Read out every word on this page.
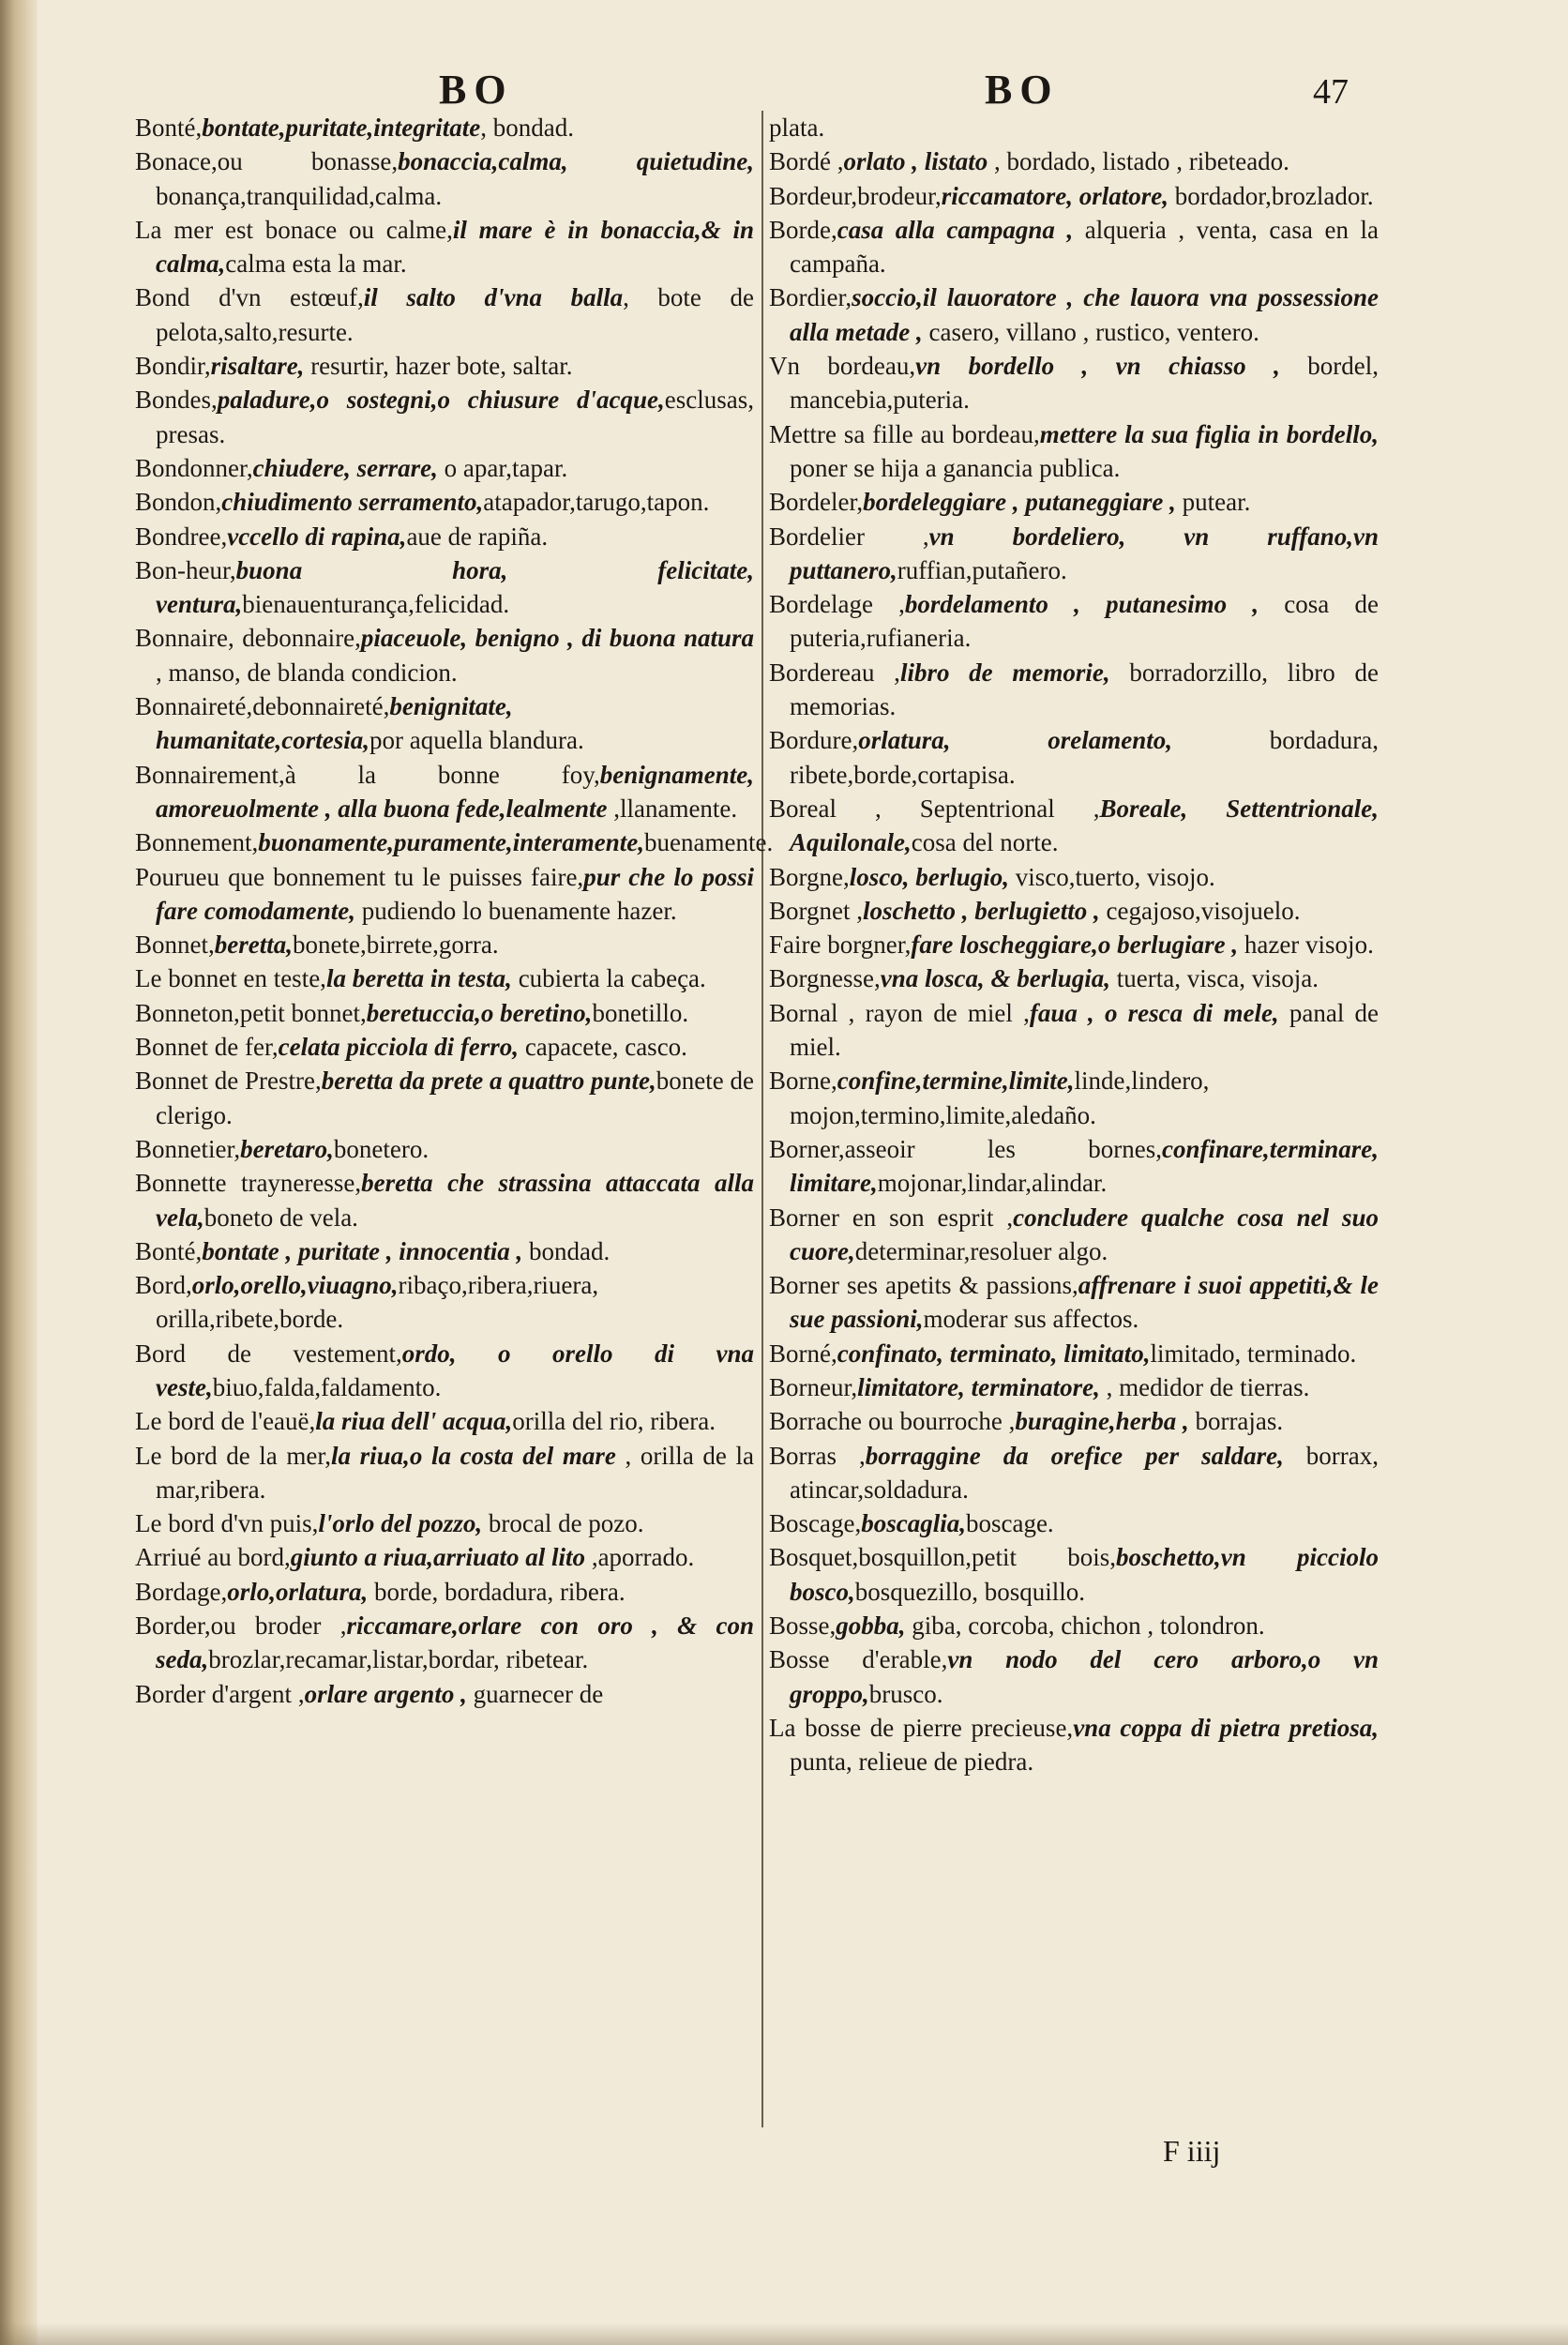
BO	BO	47

Bonté,bontate,puritate,integritate, bondad.

Bonace,ou bonasse,bonaccia,calma, quietudine, bonança,tranquilidad,calma.

La mer est bonace ou calme,il mare è in bonaccia,& in calma,calma esta la mar.

Bond d'vn estœuf,il salto d'vna balla, bote de pelota,salto,resurte.

Bondir,risaltare, resurtir, hazer bote, saltar.

Bondes,paladure,o sostegni,o chiusure d'acque,esclusas, presas.

Bondonner,chiudere, serrare, o apar,tapar.

Bondon,chiudimento serramento,atapador,tarugo,tapon.

Bondree,vccello di rapina,aue de rapiña.

Bon-heur,buona hora, felicitate, ventura,bienauenturança,felicidad.

Bonnaire, debonnaire,piaceuole, benigno , di buona natura , manso, de blanda condicion.

Bonnaireté,debonnaireté,benignitate, humanitate,cortesia,por aquella blandura.

Bonnairement,à la bonne foy,benignamente, amoreuolmente , alla buona fede,lealmente ,llanamente.

Bonnement,buonamente,puramente,interamente,buenamente.

Pourueu que bonnement tu le puisses faire,pur che lo possi fare comodamente, pudiendo lo buenamente hazer.

Bonnet,beretta,bonete,birrete,gorra.

Le bonnet en teste,la beretta in testa, cubierta la cabeça.

Bonneton,petit bonnet,beretuccia,o beretino,bonetillo.

Bonnet de fer,celata picciola di ferro, capacete, casco.

Bonnet de Prestre,beretta da prete a quattro punte,bonete de clerigo.

Bonnetier,beretaro,bonetero.

Bonnette trayneresse,beretta che strassina attaccata alla vela,boneto de vela.

Bonté,bontate , puritate , innocentia , bondad.

Bord,orlo,orello,viuagno,ribaço,ribera,riuera, orilla,ribete,borde.

Bord de vestement,ordo, o orello di vna veste,biuo,falda,faldamento.

Le bord de l'eauë,la riua dell' acqua,orilla del rio, ribera.

Le bord de la mer,la riua,o la costa del mare , orilla de la mar,ribera.

Le bord d'vn puis,l'orlo del pozzo, brocal de pozo.

Arriué au bord,giunto a riua,arriuato al lito ,aporrado.

Bordage,orlo,orlatura, borde, bordadura, ribera.

Border,ou broder ,riccamare,orlare con oro , & con seda,brozlar,recamar,listar,bordar, ribetear.

Border d'argent ,orlare argento , guarnecer de

plata.

Bordé ,orlato , listato , bordado, listado , ribeteado.

Bordeur,brodeur,riccamatore, orlatore, bordador,brozlador.

Borde,casa alla campagna , alqueria , venta, casa en la campaña.

Bordier,soccio,il lauoratore , che lauora vna possessione alla metade , casero, villano , rustico, ventero.

Vn bordeau,vn bordello , vn chiasso , bordel, mancebia,puteria.

Mettre sa fille au bordeau,mettere la sua figlia in bordello, poner se hija a ganancia publica.

Bordeler,bordeleggiare , putaneggiare , putear.

Bordelier ,vn bordeliero, vn ruffano,vn puttanero,ruffian,putañero.

Bordelage ,bordelamento , putanesimo , cosa de puteria,rufianeria.

Bordereau ,libro de memorie, borradorzillo, libro de memorias.

Bordure,orlatura, orelamento, bordadura, ribete,borde,cortapisa.

Boreal , Septentrional ,Boreale, Settentrionale, Aquilonale,cosa del norte.

Borgne,losco, berlugio, visco,tuerto, visojo.

Borgnet ,loschetto , berlugietto , cegajoso,visojuelo.

Faire borgner,fare loscheggiare,o berlugiare , hazer visojo.

Borgnesse,vna losca, & berlugia, tuerta, visca, visoja.

Bornal , rayon de miel ,faua , o resca di mele, panal de miel.

Borne,confine,termine,limite,linde,lindero, mojon,termino,limite,aledaño.

Borner,asseoir les bornes,confinare,terminare, limitare,mojonar,lindar,alindar.

Borner en son esprit ,concludere qualche cosa nel suo cuore,determinar,resoluer algo.

Borner ses apetits & passions,affrenare i suoi appetiti,& le sue passioni,moderar sus affectos.

Borné,confinato, terminato, limitato,limitado, terminado.

Borneur,limitatore, terminatore, , medidor de tierras.

Borrache ou bourroche ,buragine,herba , borrajas.

Borras ,borraggine da orefice per saldare, borrax, atincar,soldadura.

Boscage,boscaglia,boscage.

Bosquet,bosquillon,petit bois,boschetto,vn picciolo bosco,bosquezillo, bosquillo.

Bosse,gobba, giba, corcoba, chichon , tolondron.

Bosse d'erable,vn nodo del cero arboro,o vn groppo,brusco.

La bosse de pierre precieuse,vna coppa di pietra pretiosa, punta, relieue de piedra.

F iiij
